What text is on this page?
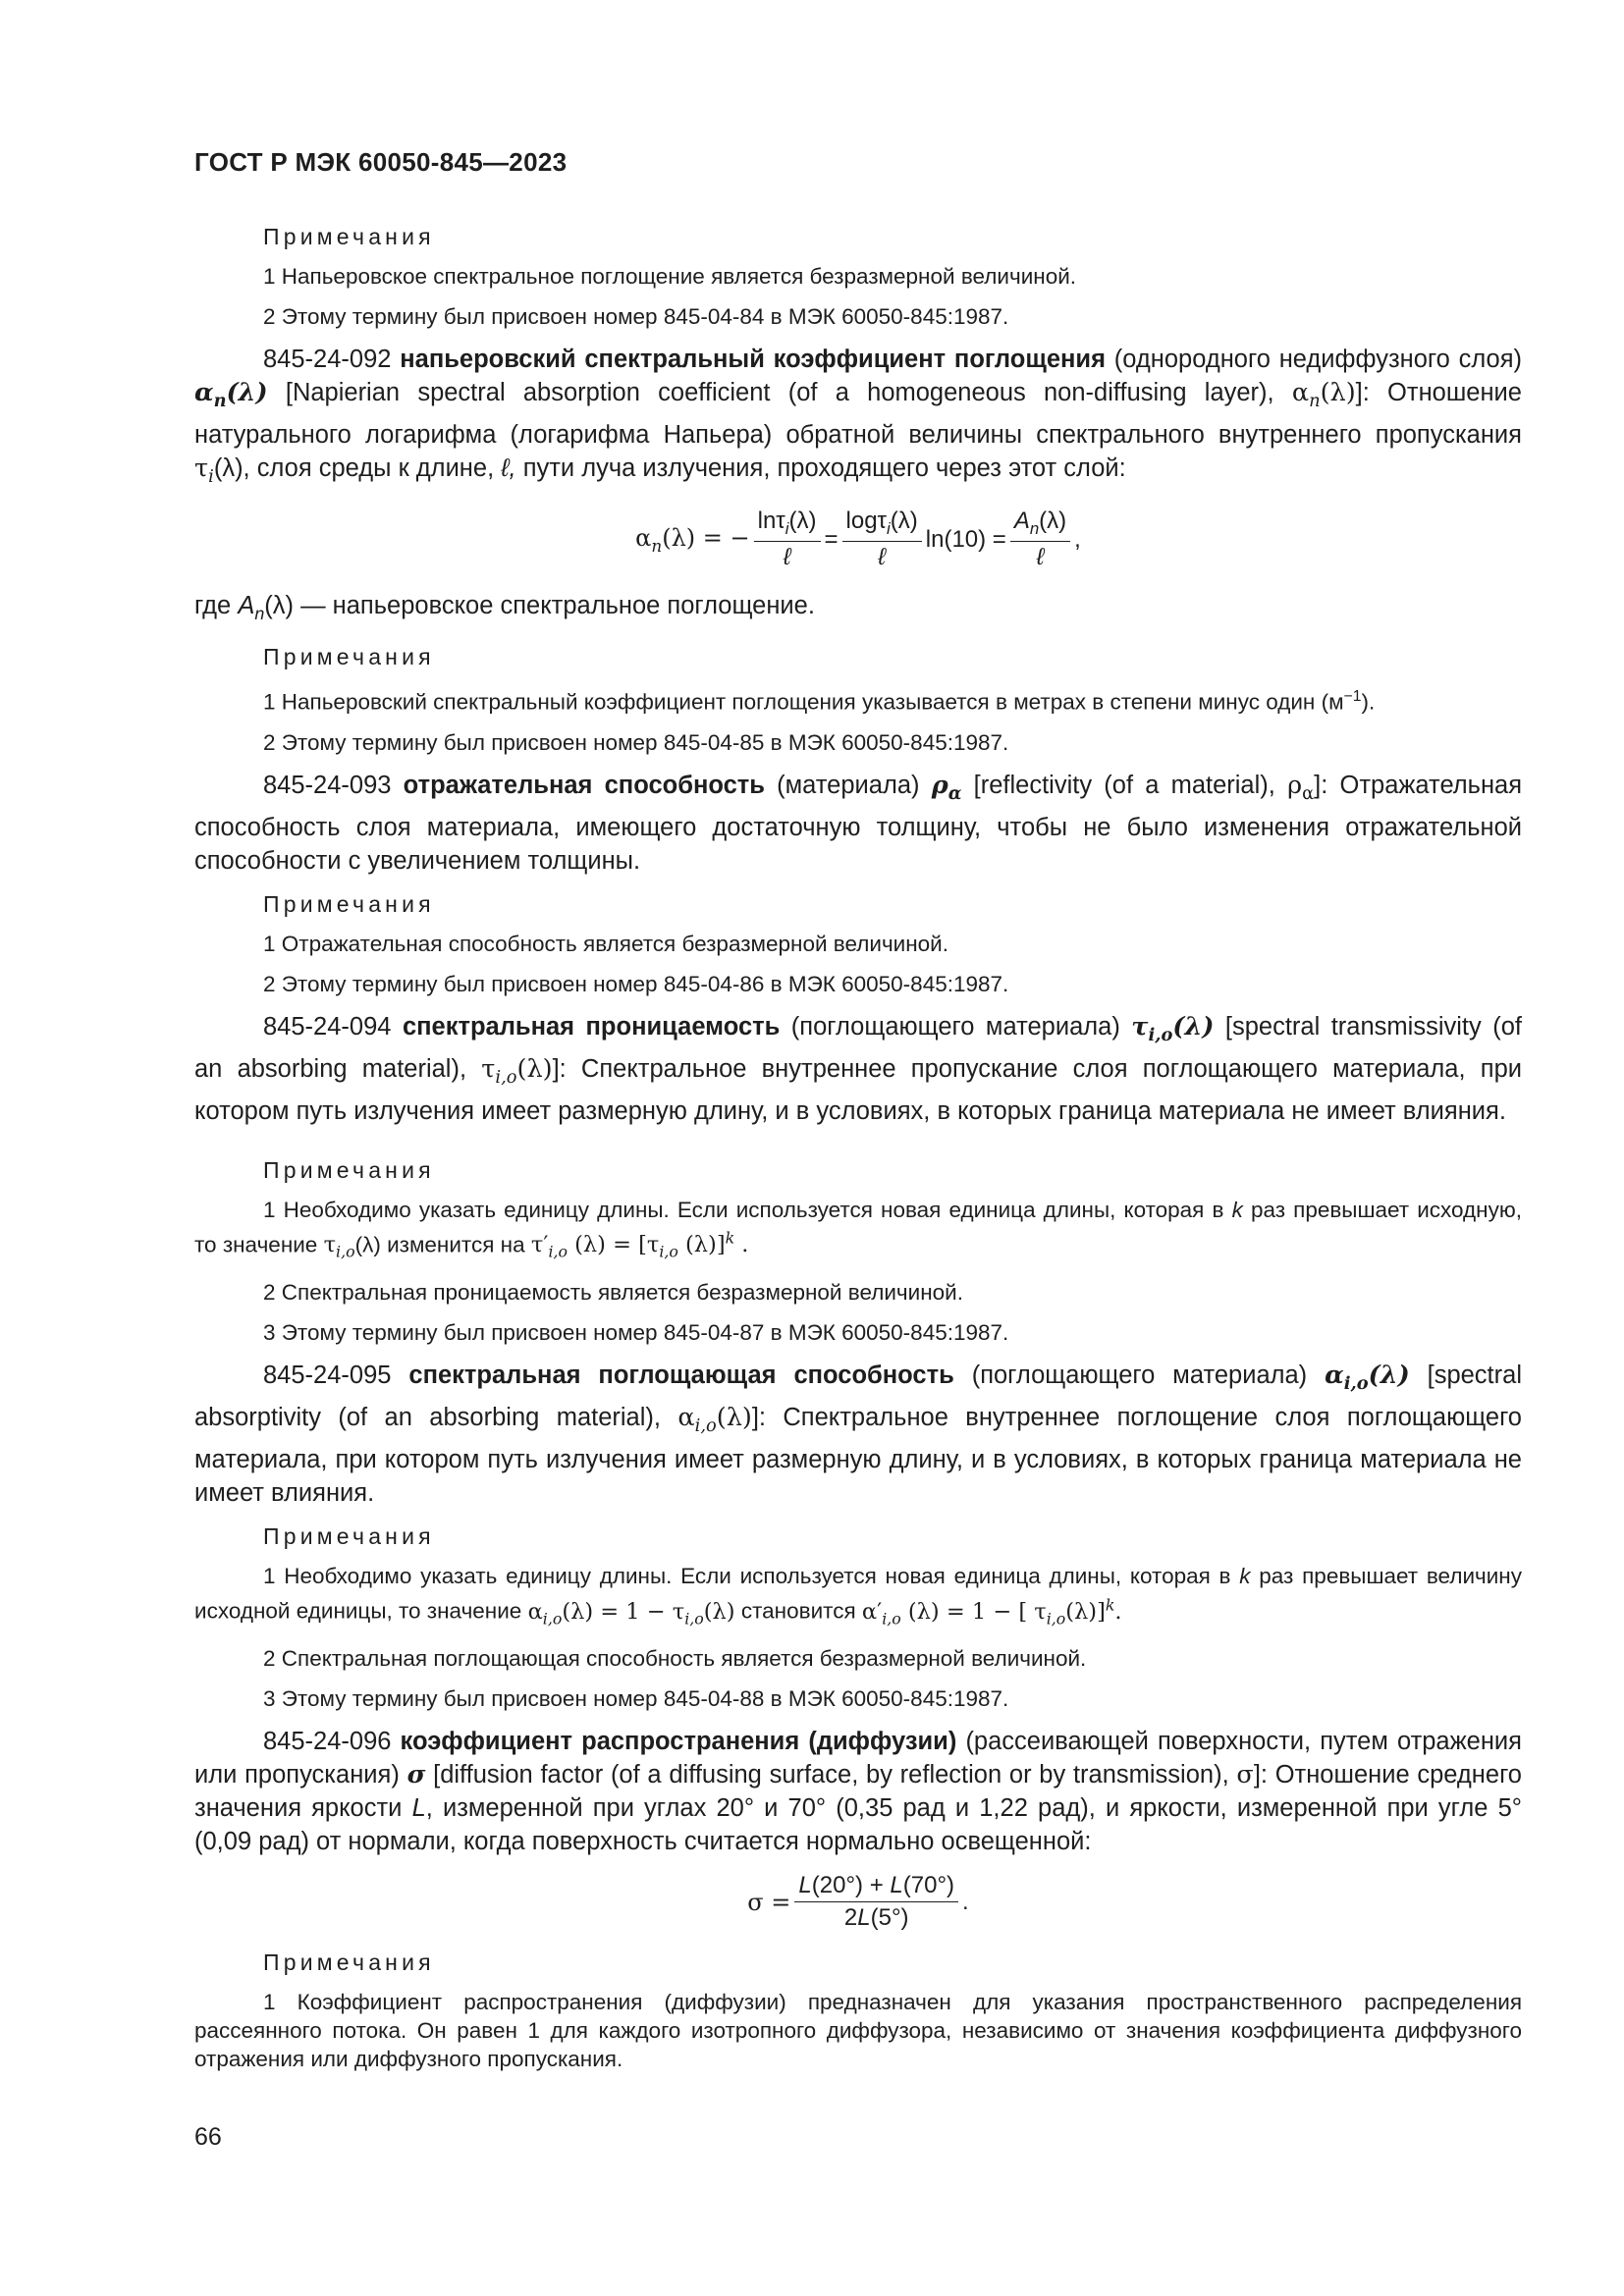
ГОСТ Р МЭК 60050-845—2023
Примечания

1 Напьеровское спектральное поглощение является безразмерной величиной.

2 Этому термину был присвоен номер 845-04-84 в МЭК 60050-845:1987.

845-24-092 напьеровский спектральный коэффициент поглощения (однородного недиффузного слоя) $\alpha_n(\lambda)$ [Napierian spectral absorption coefficient (of a homogeneous non-diffusing layer), $\alpha_n(\lambda)$]: Отношение натурального логарифма (логарифма Напьера) обратной величины спектрального внутреннего пропускания $\tau_i(\lambda)$, слоя среды к длине, ℓ, пути луча излучения, проходящего через этот слой:

$\alpha_n(\lambda)$ = − $\frac{\ln\tau_i(\lambda)}{\text{ℓ}} = \frac{\log\tau_i(\lambda)}{\text{ℓ}} \ln(10) = \frac{A_n(\lambda)}{\text{ℓ}}$ ,

где $A_n(\lambda)$ — напьеровское спектральное поглощение.

Примечания

1 Напьеровский спектральный коэффициент поглощения указывается в метрах в степени минус один $(м^{-1})$.

2 Этому термину был присвоен номер 845-04-85 в МЭК 60050-845:1987.

845-24-093 отражательная способность (материала) $\rho_\alpha$ [reflectivity (of a material), $\rho_\alpha$]: Отражательная способность слоя материала, имеющего достаточную толщину, чтобы не было изменения отражательной способности с увеличением толщины.

Примечания

1 Отражательная способность является безразмерной величиной.

2 Этому термину был присвоен номер 845-04-86 в МЭК 60050-845:1987.

845-24-094 спектральная проницаемость (поглощающего материала) $\tau_{i,o}(\lambda)$ [spectral transmissivity (of an absorbing material), $\tau_{i,o}(\lambda)$]: Спектральное внутреннее пропускание слоя поглощающего материала, при котором путь излучения имеет размерную длину, и в условиях, в которых граница материала не имеет влияния.

Примечания

1 Необходимо указать единицу длины. Если используется новая единица длины, которая в k раз превышает исходную, то значение $\tau_{i,o}(\lambda)$ изменится на $\tau'_{i,o}$ $(\lambda) = [\tau_{i,o}$ (λ)]$^k$ .

2 Спектральная проницаемость является безразмерной величиной.

3 Этому термину был присвоен номер 845-04-87 в МЭК 60050-845:1987.

845-24-095 спектральная поглощающая способность (поглощающего материала) $\alpha_{i,o}(\lambda)$ [spectral absorptivity (of an absorbing material), $\alpha_{i,o}(\lambda)$]: Спектральное внутреннее поглощение слоя поглощающего материала, при котором путь излучения имеет размерную длину, и в условиях, в которых граница материала не имеет влияния.

Примечания

1 Необходимо указать единицу длины. Если используется новая единица длины, которая в k раз превышает величину исходной единицы, то значение $\alpha_{i,o}(\lambda) = 1 - \tau_{i,o}(\lambda)$ становится $\alpha'_{i,o}$ (λ) = 1 − [ $\tau_{i,o}(\lambda)]^k$.

2 Спектральная поглощающая способность является безразмерной величиной.

3 Этому термину был присвоен номер 845-04-88 в МЭК 60050-845:1987.

845-24-096 коэффициент распространения (диффузии) (рассеивающей поверхности, путем отражения или пропускания) σ [diffusion factor (of a diffusing surface, by reflection or by transmission), σ]: Отношение среднего значения яркости L, измеренной при углах 20° и 70° (0,35 рад и 1,22 рад), и яркости, измеренной при угле 5° (0,09 рад) от нормали, когда поверхность считается нормально освещенной:

$\sigma = \frac{L(20^\circ) + L(70^\circ)}{2L(5^\circ)}$ .
Примечания

1 Коэффициент распространения (диффузии) предназначен для указания пространственного распределения рассеянного потока. Он равен 1 для каждого изотропного диффузора, независимо от значения коэффициента диффузного отражения или диффузного пропускания.

66
